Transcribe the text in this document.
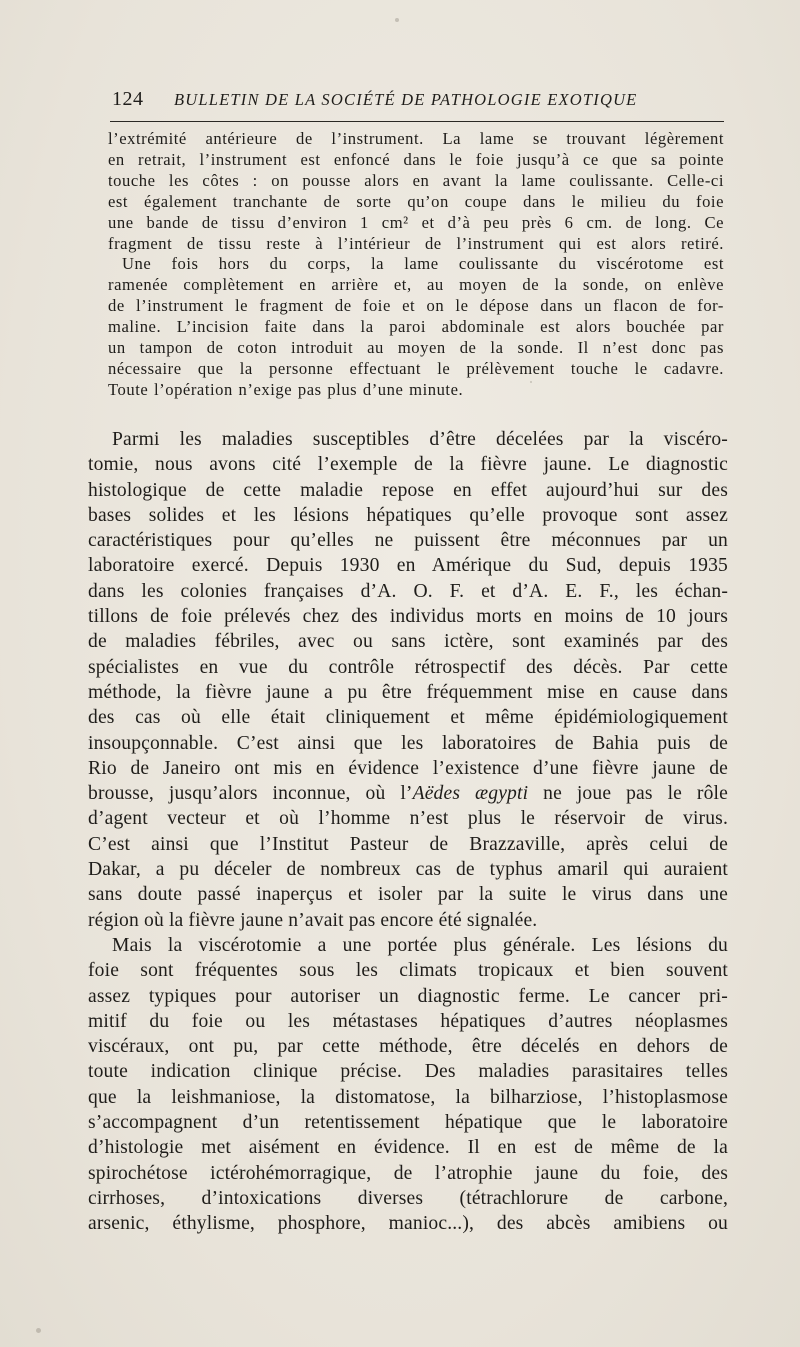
124 BULLETIN DE LA SOCIÉTÉ DE PATHOLOGIE EXOTIQUE
l’extrémité antérieure de l’instrument. La lame se trouvant légèrement
en retrait, l’instrument est enfoncé dans le foie jusqu’à ce que sa pointe
touche les côtes : on pousse alors en avant la lame coulissante. Celle-ci
est également tranchante de sorte qu’on coupe dans le milieu du foie
une bande de tissu d’environ 1 cm² et d’à peu près 6 cm. de long. Ce
fragment de tissu reste à l’intérieur de l’instrument qui est alors retiré.
Une fois hors du corps, la lame coulissante du viscérotome est
ramenée complètement en arrière et, au moyen de la sonde, on enlève
de l’instrument le fragment de foie et on le dépose dans un flacon de for-
maline. L’incision faite dans la paroi abdominale est alors bouchée par
un tampon de coton introduit au moyen de la sonde. Il n’est donc pas
nécessaire que la personne effectuant le prélèvement touche le cadavre.
Toute l’opération n’exige pas plus d’une minute.
Parmi les maladies susceptibles d’être décelées par la viscéro-
tomie, nous avons cité l’exemple de la fièvre jaune. Le diagnostic
histologique de cette maladie repose en effet aujourd’hui sur des
bases solides et les lésions hépatiques qu’elle provoque sont assez
caractéristiques pour qu’elles ne puissent être méconnues par un
laboratoire exercé. Depuis 1930 en Amérique du Sud, depuis 1935
dans les colonies françaises d’A. O. F. et d’A. E. F., les échan-
tillons de foie prélevés chez des individus morts en moins de 10 jours
de maladies fébriles, avec ou sans ictère, sont examinés par des
spécialistes en vue du contrôle rétrospectif des décès. Par cette
méthode, la fièvre jaune a pu être fréquemment mise en cause dans
des cas où elle était cliniquement et même épidémiologiquement
insoupçonnable. C’est ainsi que les laboratoires de Bahia puis de
Rio de Janeiro ont mis en évidence l’existence d’une fièvre jaune de
brousse, jusqu’alors inconnue, où l’Aëdes ægypti ne joue pas le rôle
d’agent vecteur et où l’homme n’est plus le réservoir de virus.
C’est ainsi que l’Institut Pasteur de Brazzaville, après celui de
Dakar, a pu déceler de nombreux cas de typhus amaril qui auraient
sans doute passé inaperçus et isoler par la suite le virus dans une
région où la fièvre jaune n’avait pas encore été signalée.
Mais la viscérotomie a une portée plus générale. Les lésions du
foie sont fréquentes sous les climats tropicaux et bien souvent
assez typiques pour autoriser un diagnostic ferme. Le cancer pri-
mitif du foie ou les métastases hépatiques d’autres néoplasmes
viscéraux, ont pu, par cette méthode, être décelés en dehors de
toute indication clinique précise. Des maladies parasitaires telles
que la leishmaniose, la distomatose, la bilharziose, l’histoplasmose
s’accompagnent d’un retentissement hépatique que le laboratoire
d’histologie met aisément en évidence. Il en est de même de la
spirochétose ictérohémorragique, de l’atrophie jaune du foie, des
cirrhoses, d’intoxications diverses (tétrachlorure de carbone,
arsenic, éthylisme, phosphore, manioc...), des abcès amibiens ou
